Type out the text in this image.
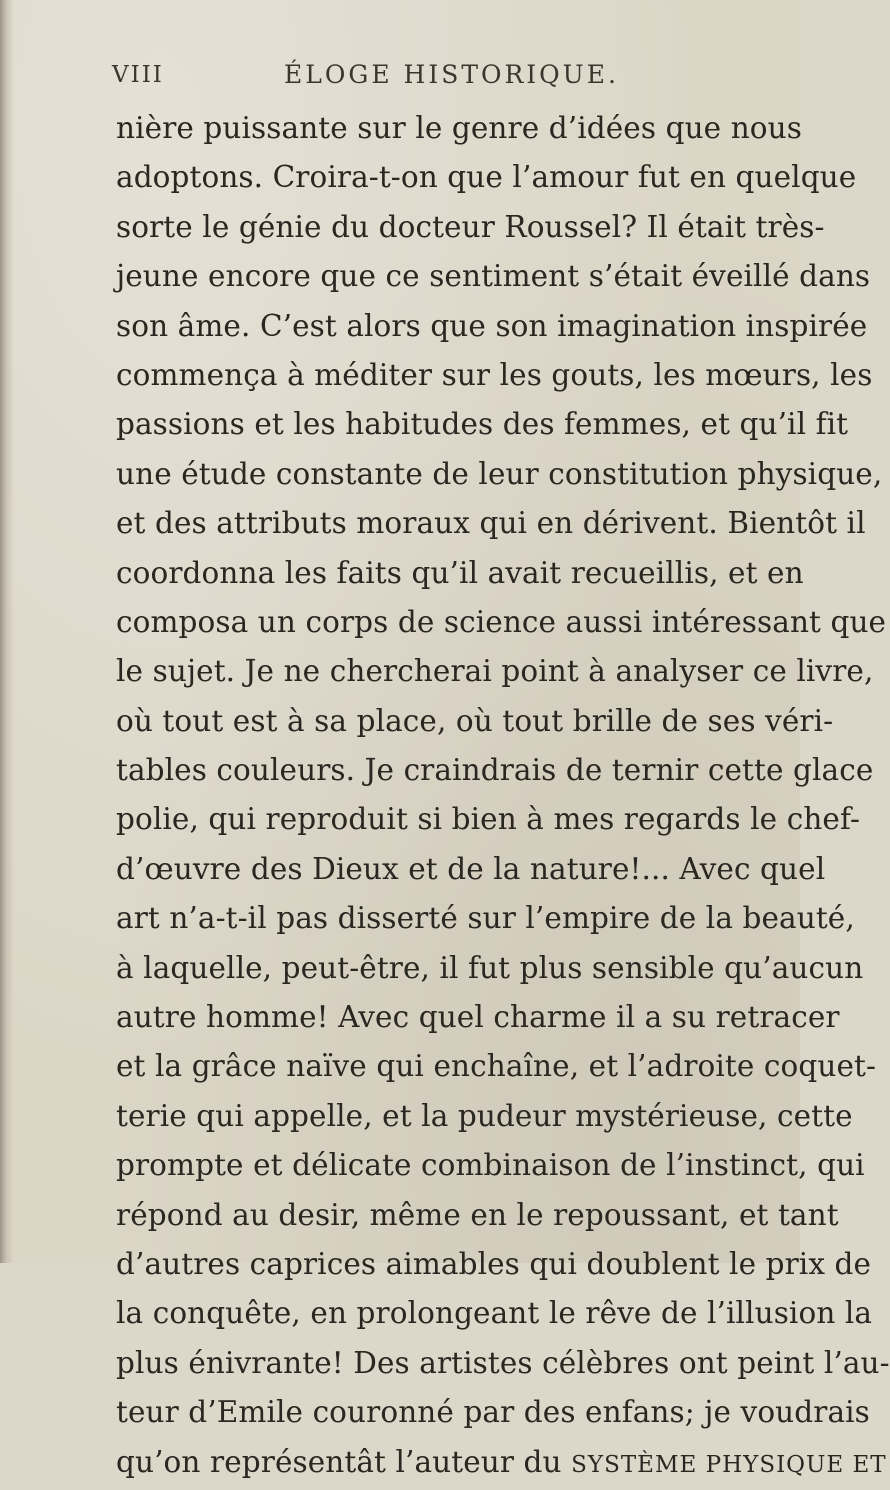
VIII	ÉLOGE HISTORIQUE.
nière puissante sur le genre d’idées que nous
adoptons. Croira-t-on que l’amour fut en quelque
sorte le génie du docteur Roussel? Il était très-
jeune encore que ce sentiment s’était éveillé dans
son âme. C’est alors que son imagination inspirée
commença à méditer sur les gouts, les mœurs, les
passions et les habitudes des femmes, et qu’il fit
une étude constante de leur constitution physique,
et des attributs moraux qui en dérivent. Bientôt il
coordonna les faits qu’il avait recueillis, et en
composa un corps de science aussi intéressant que
le sujet. Je ne chercherai point à analyser ce livre,
où tout est à sa place, où tout brille de ses véri-
tables couleurs. Je craindrais de ternir cette glace
polie, qui reproduit si bien à mes regards le chef-
d’œuvre des Dieux et de la nature!... Avec quel
art n’a-t-il pas disserté sur l’empire de la beauté,
à laquelle, peut-être, il fut plus sensible qu’aucun
autre homme! Avec quel charme il a su retracer
et la grâce naïve qui enchaîne, et l’adroite coquet-
terie qui appelle, et la pudeur mystérieuse, cette
prompte et délicate combinaison de l’instinct, qui
répond au desir, même en le repoussant, et tant
d’autres caprices aimables qui doublent le prix de
la conquête, en prolongeant le rêve de l’illusion la
plus énivrante! Des artistes célèbres ont peint l’au-
teur d’Emile couronné par des enfans; je voudrais
qu’on représentât l’auteur du SYSTÈME PHYSIQUE ET
